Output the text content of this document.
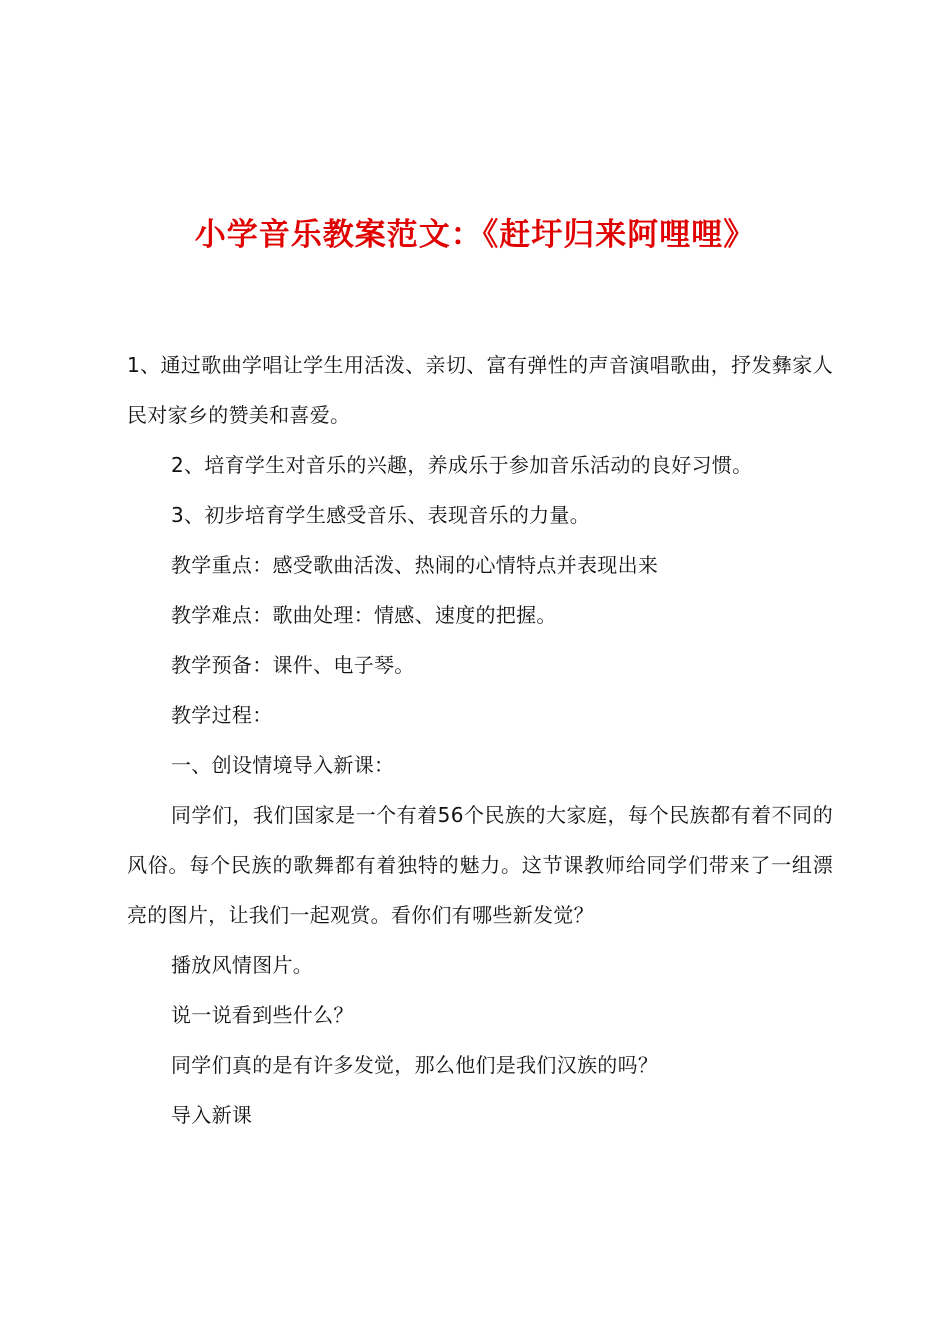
小学音乐教案范文：《赶圩归来阿哩哩》

1、通过歌曲学唱让学生用活泼、亲切、富有弹性的声音演唱歌曲，抒发彝家人民对家乡的赞美和喜爱。

2、培育学生对音乐的兴趣，养成乐于参加音乐活动的良好习惯。

3、初步培育学生感受音乐、表现音乐的力量。

教学重点：感受歌曲活泼、热闹的心情特点并表现出来

教学难点：歌曲处理：情感、速度的把握。

教学预备：课件、电子琴。

教学过程：

一、创设情境导入新课：

同学们，我们国家是一个有着56个民族的大家庭，每个民族都有着不同的风俗。每个民族的歌舞都有着独特的魅力。这节课教师给同学们带来了一组漂亮的图片，让我们一起观赏。看你们有哪些新发觉？

播放风情图片。

说一说看到些什么？

同学们真的是有许多发觉，那么他们是我们汉族的吗？

导入新课
